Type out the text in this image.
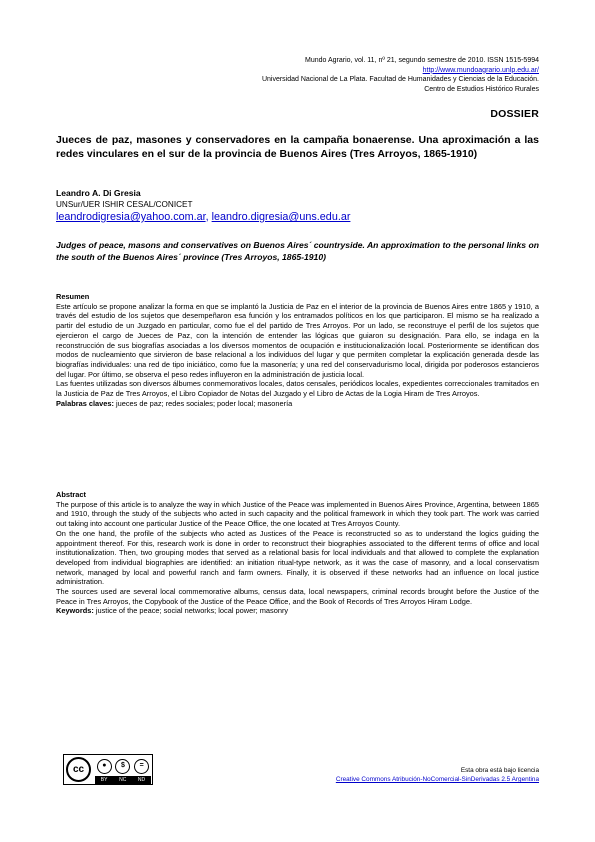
Mundo Agrario, vol. 11, nº 21, segundo semestre de 2010. ISSN 1515-5994
http://www.mundoagrario.unlp.edu.ar/
Universidad Nacional de La Plata. Facultad de Humanidades y Ciencias de la Educación.
Centro de Estudios Histórico Rurales
DOSSIER
Jueces de paz, masones y conservadores en la campaña bonaerense. Una aproximación a las redes vinculares en el sur de la provincia de Buenos Aires (Tres Arroyos, 1865-1910)
Leandro A. Di Gresia
UNSur/UER ISHIR CESAL/CONICET
leandrodigresia@yahoo.com.ar, leandro.digresia@uns.edu.ar
Judges of peace, masons and conservatives on Buenos Aires´ countryside. An approximation to the personal links on the south of the Buenos Aires´ province (Tres Arroyos, 1865-1910)
Resumen

Este artículo se propone analizar la forma en que se implantó la Justicia de Paz en el interior de la provincia de Buenos Aires entre 1865 y 1910, a través del estudio de los sujetos que desempeñaron esa función y los entramados políticos en los que participaron. El mismo se ha realizado a partir del estudio de un Juzgado en particular, como fue el del partido de Tres Arroyos. Por un lado, se reconstruye el perfil de los sujetos que ejercieron el cargo de Jueces de Paz, con la intención de entender las lógicas que guiaron su designación. Para ello, se indaga en la reconstrucción de sus biografías asociadas a los diversos momentos de ocupación e institucionalización local. Posteriormente se identifican dos modos de nucleamiento que sirvieron de base relacional a los individuos del lugar y que permiten completar la explicación generada desde las biografías individuales: una red de tipo iniciático, como fue la masonería; y una red del conservadurismo local, dirigida por poderosos estancieros del lugar. Por último, se observa el peso redes influyeron en la administración de justicia local.

Las fuentes utilizadas son diversos álbumes conmemorativos locales, datos censales, periódicos locales, expedientes correccionales tramitados en la Justicia de Paz de Tres Arroyos, el Libro Copiador de Notas del Juzgado y el Libro de Actas de la Logia Hiram de Tres Arroyos.

Palabras claves: jueces de paz; redes sociales; poder local; masonería

Abstract

The purpose of this article is to analyze the way in which Justice of the Peace was implemented in Buenos Aires Province, Argentina, between 1865 and 1910, through the study of the subjects who acted in such capacity and the political framework in which they took part. The work was carried out taking into account one particular Justice of the Peace Office, the one located at Tres Arroyos County.

On the one hand, the profile of the subjects who acted as Justices of the Peace is reconstructed so as to understand the logics guiding the appointment thereof. For this, research work is done in order to reconstruct their biographies associated to the different terms of office and local institutionalization. Then, two grouping modes that served as a relational basis for local individuals and that allowed to complete the explanation developed from individual biographies are identified: an initiation ritual-type network, as it was the case of masonry, and a local conservatism network, managed by local and powerful ranch and farm owners. Finally, it is observed if these networks had an influence on local justice administration.

The sources used are several local commemorative albums, census data, local newspapers, criminal records brought before the Justice of the Peace in Tres Arroyos, the Copybook of the Justice of the Peace Office, and the Book of Records of Tres Arroyos Hiram Lodge.

Keywords: justice of the peace; social networks; local power; masonry

cc	●	$	=
BY NC ND
Esta obra está bajo licencia
Creative Commons Atribución-NoComercial-SinDerivadas 2.5 Argentina
